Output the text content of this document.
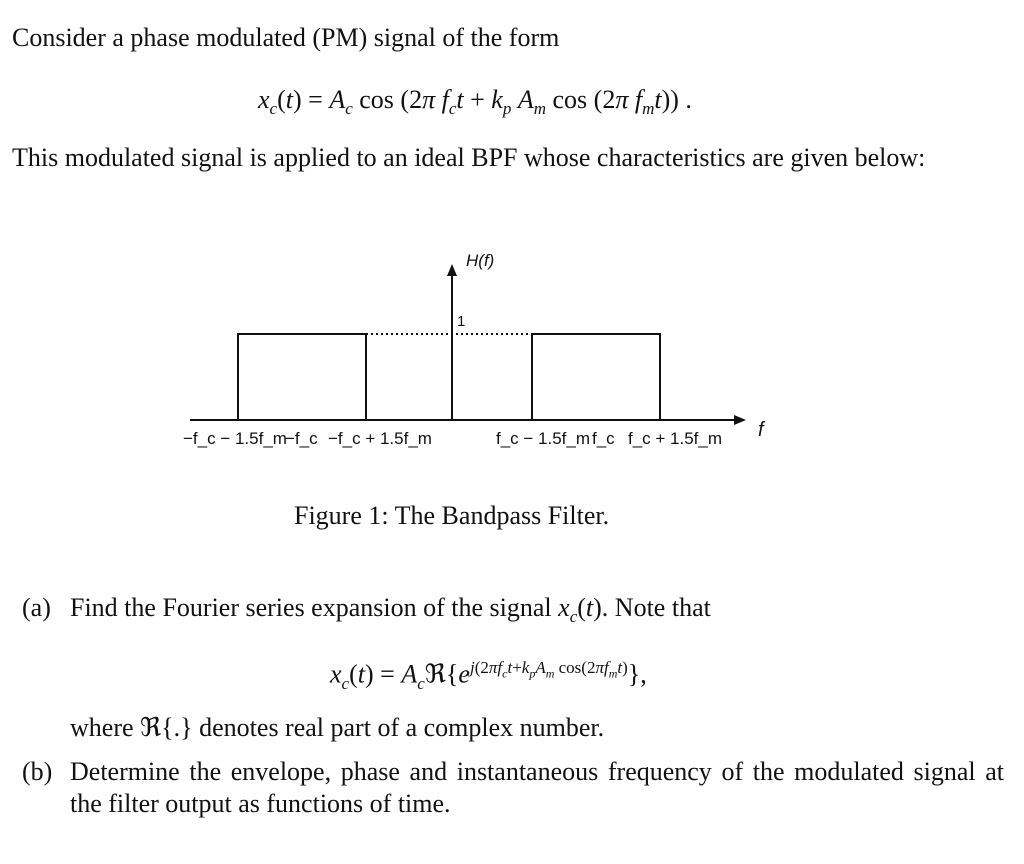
Consider a phase modulated (PM) signal of the form
$x_c(t) = A_c$ cos (2π $f_ct + k_p$ $A_m$ cos (2π $f_mt$)) .
This modulated signal is applied to an ideal BPF whose characteristics are given below:
H(f)
1
f
−f_c − 1.5f_m
−f_c −f_c + 1.5f_m	f_c − 1.5f_m f_c f_c + 1.5f_m
Figure 1: The Bandpass Filter.
(a) Find the Fourier series expansion of the signal $x_c(t)$. Note that
$x_c(t)$ = $A_cℜ\{e^{j(2\pi f_ct+k_pA_m cos(2\pi f_mt)}\}$,
where ℜ{.} denotes real part of a complex number.
(b) Determine the envelope, phase and instantaneous frequency of the modulated signal at the filter output as functions of time.
